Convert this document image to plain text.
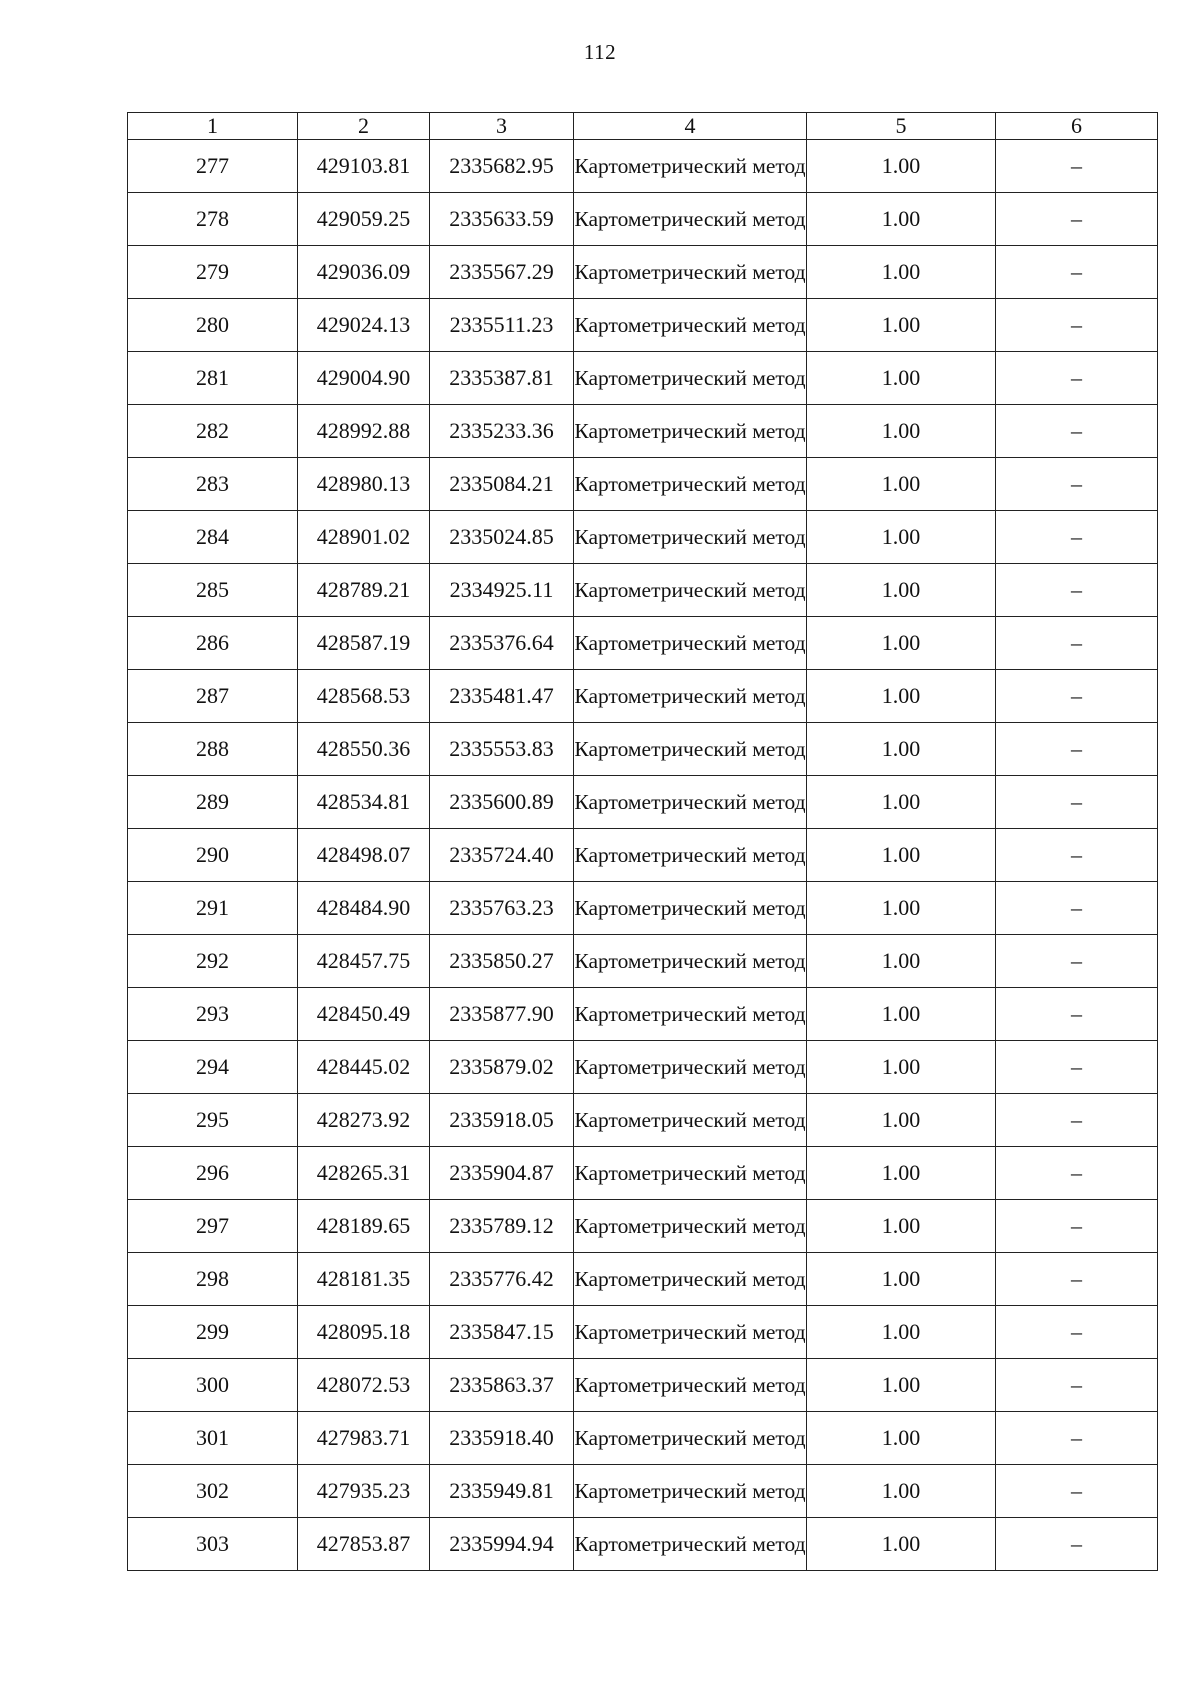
112
1	2	3	4	5	6
277	429103.81	2335682.95	Картометрический метод	1.00	–
278	429059.25	2335633.59	Картометрический метод	1.00	–
279	429036.09	2335567.29	Картометрический метод	1.00	–
280	429024.13	2335511.23	Картометрический метод	1.00	–
281	429004.90	2335387.81	Картометрический метод	1.00	–
282	428992.88	2335233.36	Картометрический метод	1.00	–
283	428980.13	2335084.21	Картометрический метод	1.00	–
284	428901.02	2335024.85	Картометрический метод	1.00	–
285	428789.21	2334925.11	Картометрический метод	1.00	–
286	428587.19	2335376.64	Картометрический метод	1.00	–
287	428568.53	2335481.47	Картометрический метод	1.00	–
288	428550.36	2335553.83	Картометрический метод	1.00	–
289	428534.81	2335600.89	Картометрический метод	1.00	–
290	428498.07	2335724.40	Картометрический метод	1.00	–
291	428484.90	2335763.23	Картометрический метод	1.00	–
292	428457.75	2335850.27	Картометрический метод	1.00	–
293	428450.49	2335877.90	Картометрический метод	1.00	–
294	428445.02	2335879.02	Картометрический метод	1.00	–
295	428273.92	2335918.05	Картометрический метод	1.00	–
296	428265.31	2335904.87	Картометрический метод	1.00	–
297	428189.65	2335789.12	Картометрический метод	1.00	–
298	428181.35	2335776.42	Картометрический метод	1.00	–
299	428095.18	2335847.15	Картометрический метод	1.00	–
300	428072.53	2335863.37	Картометрический метод	1.00	–
301	427983.71	2335918.40	Картометрический метод	1.00	–
302	427935.23	2335949.81	Картометрический метод	1.00	–
303	427853.87	2335994.94	Картометрический метод	1.00	–
